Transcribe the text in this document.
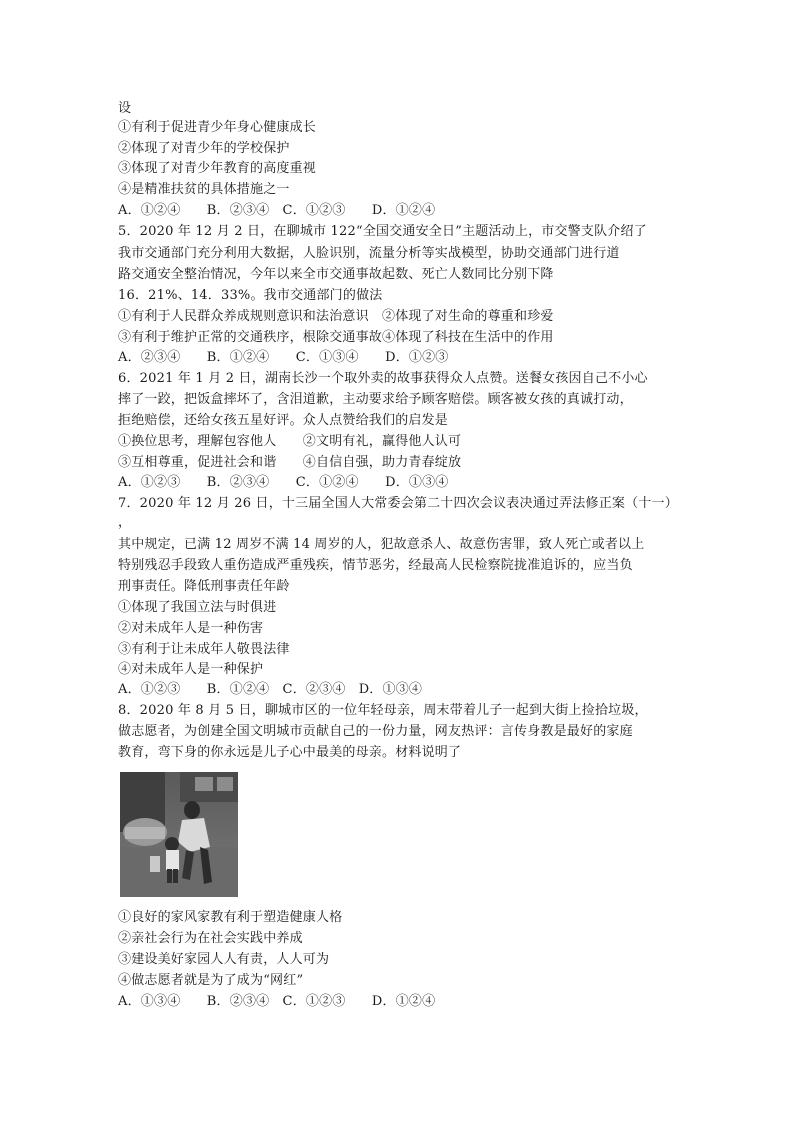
设
①有利于促进青少年身心健康成长
②体现了对青少年的学校保护
③体现了对青少年教育的高度重视
④是精准扶贫的具体措施之一
A．①②④　　B．②③④　C．①②③　　D．①②④
5．2020 年 12 月 2 日，在聊城市 122“全国交通安全日”主题活动上，市交警支队介绍了
我市交通部门充分利用大数据，人脸识别，流量分析等实战模型，协助交通部门进行道
路交通安全整治情况，今年以来全市交通事故起数、死亡人数同比分别下降
16．21%、14．33%。我市交通部门的做法
①有利于人民群众养成规则意识和法治意识　②体现了对生命的尊重和珍爱
③有利于维护正常的交通秩序，根除交通事故④体现了科技在生活中的作用
A．②③④　　B．①②④　　C．①③④　　D．①②③
6．2021 年 1 月 2 日，湖南长沙一个取外卖的故事获得众人点赞。送餐女孩因自己不小心
摔了一跤，把饭盒摔坏了，含泪道歉，主动要求给予顾客赔偿。顾客被女孩的真诚打动，
拒绝赔偿，还给女孩五星好评。众人点赞给我们的启发是
①换位思考，理解包容他人　　②文明有礼，赢得他人认可
③互相尊重，促进社会和谐　　④自信自强，助力青春绽放
A．①②③　　B．②③④　　C．①②④　　D．①③④
7．2020 年 12 月 26 日，十三届全国人大常委会第二十四次会议表决通过弄法修正案（十一）
，
其中规定，已满 12 周岁不满 14 周岁的人，犯故意杀人、故意伤害罪，致人死亡或者以上
特别残忍手段致人重伤造成严重残疾，情节恶劣，经最高人民检察院拢准追诉的，应当负
刑事责任。降低刑事责任年龄
①体现了我国立法与时俱进
②对未成年人是一种伤害
③有利于让未成年人敬畏法律
④对未成年人是一种保护
A．①②③　　B．①②④　C．②③④　D．①③④
8．2020 年 8 月 5 日，聊城市区的一位年轻母亲，周末带着儿子一起到大街上捡拾垃圾，
做志愿者，为创建全国文明城市贡献自己的一份力量，网友热评：言传身教是最好的家庭
教育，弯下身的你永远是儿子心中最美的母亲。材料说明了
①良好的家风家教有利于塑造健康人格
②亲社会行为在社会实践中养成
③建设美好家园人人有责，人人可为
④做志愿者就是为了成为“网红”
A．①③④　　B．②③④　C．①②③　　D．①②④
